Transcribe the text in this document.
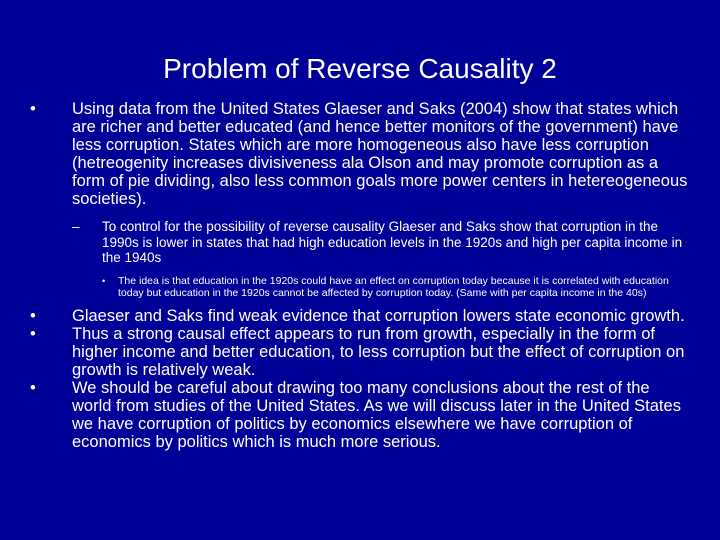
Problem of Reverse Causality 2
•	Using data from the United States Glaeser and Saks (2004) show that states which are richer and better educated (and hence better monitors of the government) have less corruption. States which are more homogeneous also have less corruption (hetreogenity increases divisiveness ala Olson and may promote corruption as a form of pie dividing, also less common goals more power centers in hetereogeneous societies).
– To control for the possibility of reverse causality Glaeser and Saks show that corruption in the 1990s is lower in states that had high education levels in the 1920s and high per capita income in the 1940s
• The idea is that education in the 1920s could have an effect on corruption today because it is correlated with education today but education in the 1920s cannot be affected by corruption today. (Same with per capita income in the 40s)
•	Glaeser and Saks find weak evidence that corruption lowers state economic growth.
•	Thus a strong causal effect appears to run from growth, especially in the form of higher income and better education, to less corruption but the effect of corruption on growth is relatively weak.
•	We should be careful about drawing too many conclusions about the rest of the world from studies of the United States. As we will discuss later in the United States we have corruption of politics by economics elsewhere we have corruption of economics by politics which is much more serious.
